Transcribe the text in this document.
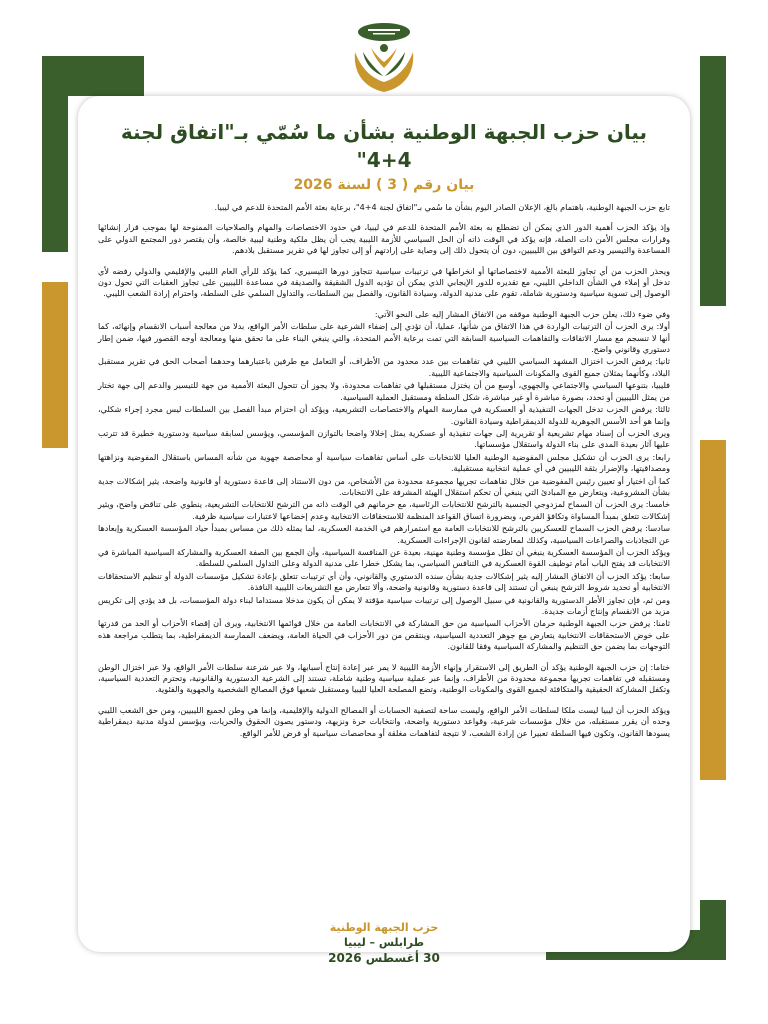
بيان حزب الجبهة الوطنية بشأن ما سُمّي بـ"اتفاق لجنة 4+4"
بيان رقم ( 3 ) لسنة 2026

تابع حزب الجبهة الوطنية، باهتمام بالغ، الإعلان الصادر اليوم بشأن ما سُمي بـ"اتفاق لجنة 4+4"، برعاية بعثة الأمم المتحدة للدعم في ليبيا.

وإذ يؤكد الحزب أهمية الدور الذي يمكن أن تضطلع به بعثة الأمم المتحدة للدعم في ليبيا، في حدود الاختصاصات والمهام والصلاحيات الممنوحة لها بموجب قرار إنشائها وقرارات مجلس الأمن ذات الصلة، فإنه يؤكد في الوقت ذاته أن الحل السياسي للأزمة الليبية يجب أن يظل ملكية وطنية ليبية خالصة، وأن يقتصر دور المجتمع الدولي على المساعدة والتيسير ودعم التوافق بين الليبيين، دون أن يتحول ذلك إلى وصاية على إرادتهم أو إلى تجاوز لها في تقرير مستقبل بلادهم.

ويحذر الحزب من أي تجاوز للبعثة الأممية لاختصاصاتها أو انخراطها في ترتيبات سياسية تتجاوز دورها التيسيري، كما يؤكد للرأي العام الليبي والإقليمي والدولي رفضه لأي تدخل أو إملاء في الشأن الداخلي الليبي، مع تقديره للدور الإيجابي الذي يمكن أن تؤديه الدول الشقيقة والصديقة في مساعدة الليبيين على تجاوز العقبات التي تحول دون الوصول إلى تسوية سياسية ودستورية شاملة، تقوم على مدنية الدولة، وسيادة القانون، والفصل بين السلطات، والتداول السلمي على السلطة، واحترام إرادة الشعب الليبي.

وفي ضوء ذلك، يعلن حزب الجبهة الوطنية موقفه من الاتفاق المشار إليه على النحو الآتي:

أولا: يرى الحزب أن الترتيبات الواردة في هذا الاتفاق من شأنها، عمليا، أن تؤدي إلى إضفاء الشرعية على سلطات الأمر الواقع، بدلا من معالجة أسباب الانقسام وإنهائه، كما أنها لا تنسجم مع مسار الاتفاقات والتفاهمات السياسية السابقة التي تمت برعاية الأمم المتحدة، والتي ينبغي البناء على ما تحقق منها ومعالجة أوجه القصور فيها، ضمن إطار دستوري وقانوني واضح.

ثانيا: يرفض الحزب اختزال المشهد السياسي الليبي في تفاهمات بين عدد محدود من الأطراف، أو التعامل مع طرفين باعتبارهما وحدهما أصحاب الحق في تقرير مستقبل البلاد، وكأنهما يمثلان جميع القوى والمكونات السياسية والاجتماعية الليبية.

فليبيا، بتنوعها السياسي والاجتماعي والجهوي، أوسع من أن يختزل مستقبلها في تفاهمات محدودة، ولا يجوز أن تتحول البعثة الأممية من جهة للتيسير والدعم إلى جهة تختار من يمثل الليبيين أو تحدد، بصورة مباشرة أو غير مباشرة، شكل السلطة ومستقبل العملية السياسية.

ثالثا: يرفض الحزب تدخل الجهات التنفيذية أو العسكرية في ممارسة المهام والاختصاصات التشريعية، ويؤكد أن احترام مبدأ الفصل بين السلطات ليس مجرد إجراء شكلي، وإنما هو أحد الأسس الجوهرية للدولة الديمقراطية وسيادة القانون.

ويرى الحزب أن إسناد مهام تشريعية أو تقريرية إلى جهات تنفيذية أو عسكرية يمثل إخلالا واضحا بالتوازن المؤسسي، ويؤسس لسابقة سياسية ودستورية خطيرة قد تترتب عليها آثار بعيدة المدى على بناء الدولة واستقلال مؤسساتها.

رابعا: يرى الحزب أن تشكيل مجلس المفوضية الوطنية العليا للانتخابات على أساس تفاهمات سياسية أو محاصصة جهوية من شأنه المساس باستقلال المفوضية ونزاهتها ومصداقيتها، والإضرار بثقة الليبيين في أي عملية انتخابية مستقبلية.

كما أن اختيار أو تعيين رئيس المفوضية من خلال تفاهمات تجريها مجموعة محدودة من الأشخاص، من دون الاستناد إلى قاعدة دستورية أو قانونية واضحة، يثير إشكالات جدية بشأن المشروعية، ويتعارض مع المبادئ التي ينبغي أن تحكم استقلال الهيئة المشرفة على الانتخابات.

خامسا: يرى الحزب أن السماح لمزدوجي الجنسية بالترشح للانتخابات الرئاسية، مع حرمانهم في الوقت ذاته من الترشح للانتخابات التشريعية، ينطوي على تناقض واضح، ويثير إشكالات تتعلق بمبدأ المساواة وتكافؤ الفرص، وبضرورة اتساق القواعد المنظمة للاستحقاقات الانتخابية وعدم إخضاعها لاعتبارات سياسية ظرفية.

سادسا: يرفض الحزب السماح للعسكريين بالترشح للانتخابات العامة مع استمرارهم في الخدمة العسكرية، لما يمثله ذلك من مساس بمبدأ حياد المؤسسة العسكرية وإبعادها عن التجاذبات والصراعات السياسية، وكذلك لمعارضته لقانون الإجراءات العسكرية.

ويؤكد الحزب أن المؤسسة العسكرية ينبغي أن تظل مؤسسة وطنية مهنية، بعيدة عن المنافسة السياسية، وأن الجمع بين الصفة العسكرية والمشاركة السياسية المباشرة في الانتخابات قد يفتح الباب أمام توظيف القوة العسكرية في التنافس السياسي، بما يشكل خطرا على مدنية الدولة وعلى التداول السلمي للسلطة.

سابعا: يؤكد الحزب أن الاتفاق المشار إليه يثير إشكالات جدية بشأن سنده الدستوري والقانوني، وأن أي ترتيبات تتعلق بإعادة تشكيل مؤسسات الدولة أو تنظيم الاستحقاقات الانتخابية أو تحديد شروط الترشح ينبغي أن تستند إلى قاعدة دستورية وقانونية واضحة، وألا تتعارض مع التشريعات الليبية النافذة.

ومن ثم، فإن تجاوز الأطر الدستورية والقانونية في سبيل الوصول إلى ترتيبات سياسية مؤقتة لا يمكن أن يكون مدخلا مستداما لبناء دولة المؤسسات، بل قد يؤدي إلى تكريس مزيد من الانقسام وإنتاج أزمات جديدة.

ثامنا: يرفض حزب الجبهة الوطنية حرمان الأحزاب السياسية من حق المشاركة في الانتخابات العامة من خلال قوائمها الانتخابية، ويرى أن إقصاء الأحزاب أو الحد من قدرتها على خوض الاستحقاقات الانتخابية يتعارض مع جوهر التعددية السياسية، وينتقص من دور الأحزاب في الحياة العامة، ويضعف الممارسة الديمقراطية، بما يتطلب مراجعة هذه التوجهات بما يضمن حق التنظيم والمشاركة السياسية وفقا للقانون.

ختاما: إن حزب الجبهة الوطنية يؤكد أن الطريق إلى الاستقرار وإنهاء الأزمة الليبية لا يمر عبر إعادة إنتاج أسبابها، ولا عبر شرعنة سلطات الأمر الواقع، ولا عبر اختزال الوطن ومستقبله في تفاهمات تجريها مجموعة محدودة من الأطراف، وإنما عبر عملية سياسية وطنية شاملة، تستند إلى الشرعية الدستورية والقانونية، وتحترم التعددية السياسية، وتكفل المشاركة الحقيقية والمتكافئة لجميع القوى والمكونات الوطنية، وتضع المصلحة العليا لليبيا ومستقبل شعبها فوق المصالح الشخصية والجهوية والفئوية.

ويؤكد الحزب أن ليبيا ليست ملكا لسلطات الأمر الواقع، وليست ساحة لتصفية الحسابات أو المصالح الدولية والإقليمية، وإنما هي وطن لجميع الليبيين، ومن حق الشعب الليبي وحده أن يقرر مستقبله، من خلال مؤسسات شرعية، وقواعد دستورية واضحة، وانتخابات حرة ونزيهة، ودستور يصون الحقوق والحريات، ويؤسس لدولة مدنية ديمقراطية يسودها القانون، وتكون فيها السلطة تعبيرا عن إرادة الشعب، لا نتيجة لتفاهمات مغلقة أو محاصصات سياسية أو فرض للأمر الواقع.

حزب الجبهة الوطنية
طرابلس – ليبيا
30 أغسطس 2026
